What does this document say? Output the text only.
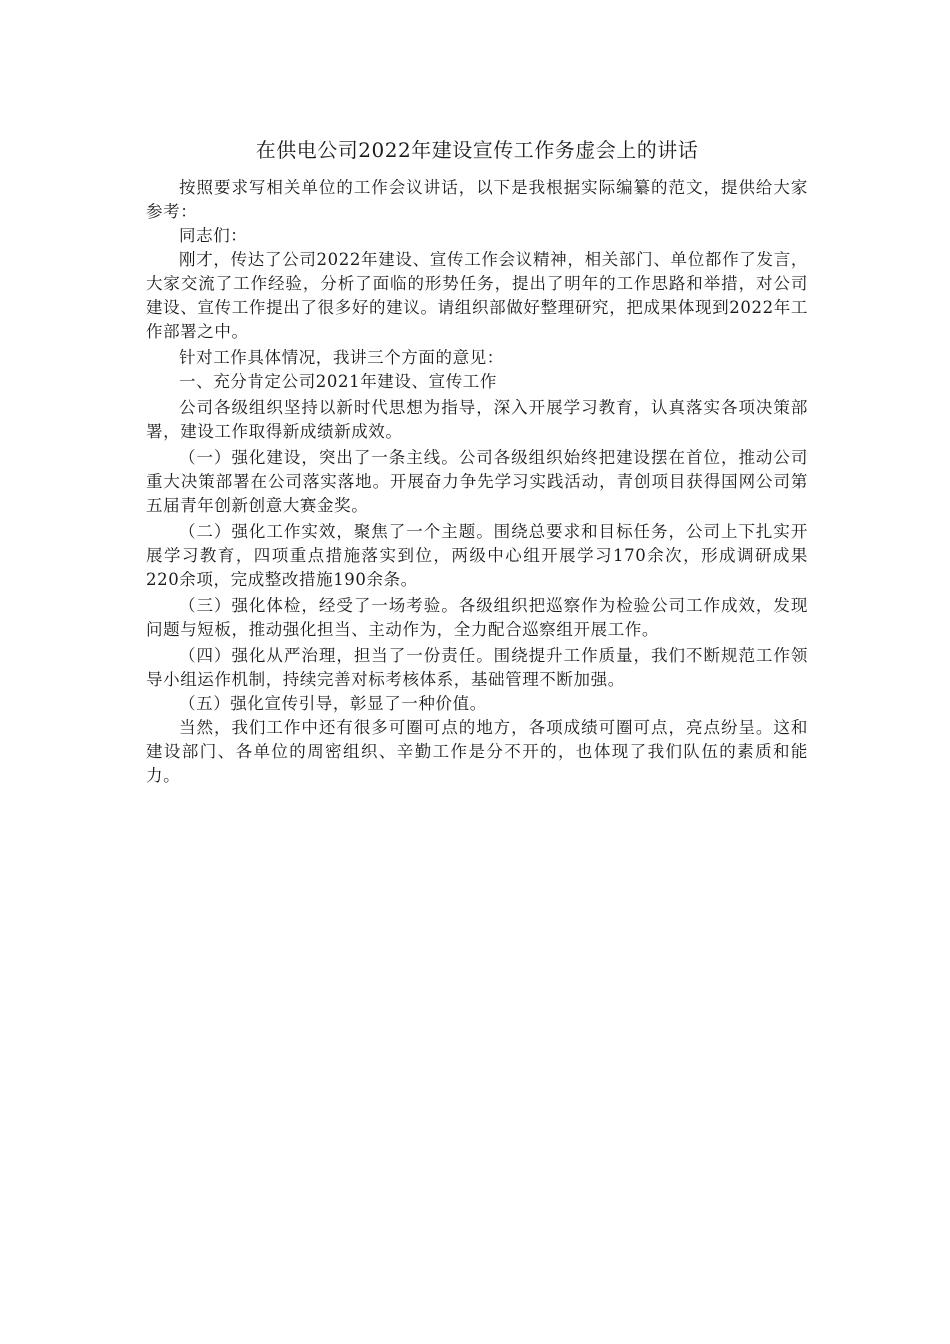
在供电公司2022年建设宣传工作务虚会上的讲话

按照要求写相关单位的工作会议讲话，以下是我根据实际编纂的范文，提供给大家参考：

同志们：

刚才，传达了公司2022年建设、宣传工作会议精神，相关部门、单位都作了发言，大家交流了工作经验，分析了面临的形势任务，提出了明年的工作思路和举措，对公司建设、宣传工作提出了很多好的建议。请组织部做好整理研究，把成果体现到2022年工作部署之中。

针对工作具体情况，我讲三个方面的意见：

一、充分肯定公司2021年建设、宣传工作

公司各级组织坚持以新时代思想为指导，深入开展学习教育，认真落实各项决策部署，建设工作取得新成绩新成效。

（一）强化建设，突出了一条主线。公司各级组织始终把建设摆在首位，推动公司重大决策部署在公司落实落地。开展奋力争先学习实践活动，青创项目获得国网公司第五届青年创新创意大赛金奖。

（二）强化工作实效，聚焦了一个主题。围绕总要求和目标任务，公司上下扎实开展学习教育，四项重点措施落实到位，两级中心组开展学习170余次，形成调研成果220余项，完成整改措施190余条。

（三）强化体检，经受了一场考验。各级组织把巡察作为检验公司工作成效，发现问题与短板，推动强化担当、主动作为，全力配合巡察组开展工作。

（四）强化从严治理，担当了一份责任。围绕提升工作质量，我们不断规范工作领导小组运作机制，持续完善对标考核体系，基础管理不断加强。

（五）强化宣传引导，彰显了一种价值。

当然，我们工作中还有很多可圈可点的地方，各项成绩可圈可点，亮点纷呈。这和建设部门、各单位的周密组织、辛勤工作是分不开的，也体现了我们队伍的素质和能力。
